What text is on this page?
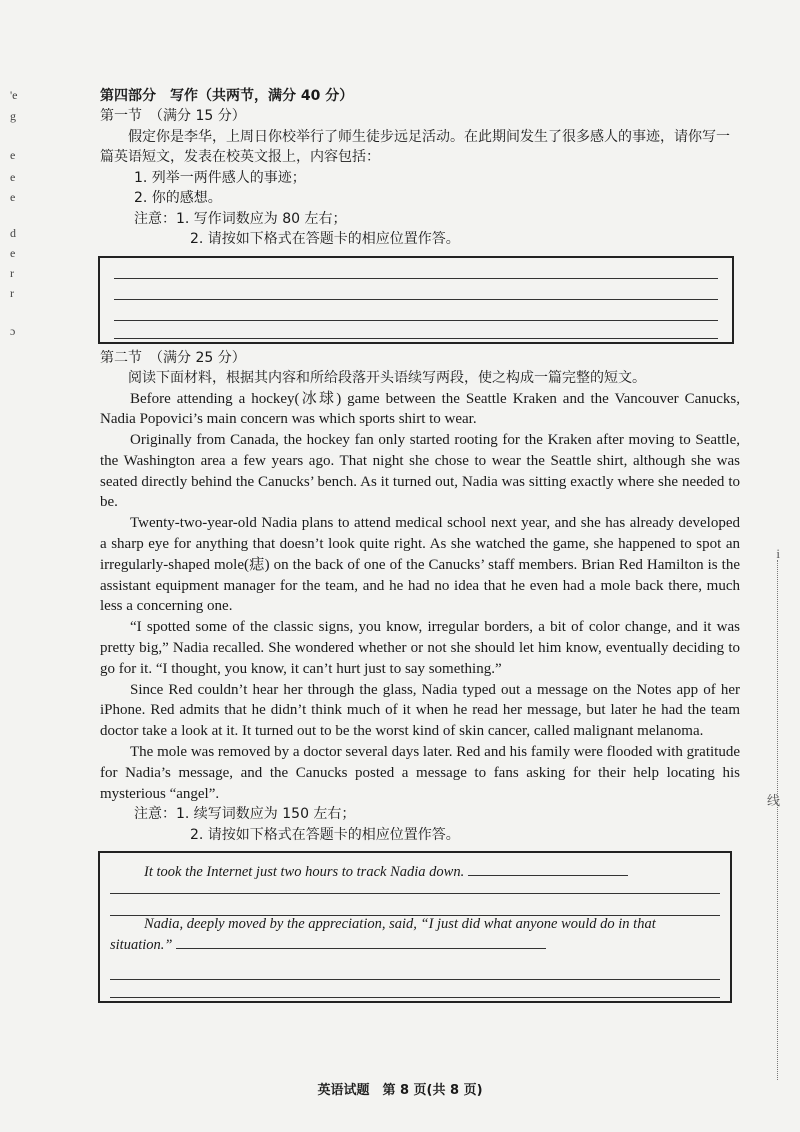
'e
g
e
e
e
d
e
r
r
ɔ
i
线

第四部分　写作（共两节，满分 40 分）

第一节　（满分 15 分）

假定你是李华，上周日你校举行了师生徒步远足活动。在此期间发生了很多感人的事迹，请你写一篇英语短文，发表在校英文报上，内容包括：

1. 列举一两件感人的事迹；

2. 你的感想。

注意：1. 写作词数应为 80 左右；

2. 请按如下格式在答题卡的相应位置作答。

第二节　（满分 25 分）

阅读下面材料，根据其内容和所给段落开头语续写两段，使之构成一篇完整的短文。

Before attending a hockey(冰球) game between the Seattle Kraken and the Vancouver Canucks, Nadia Popovici’s main concern was which sports shirt to wear.

Originally from Canada, the hockey fan only started rooting for the Kraken after moving to Seattle, the Washington area a few years ago. That night she chose to wear the Seattle shirt, although she was seated directly behind the Canucks’ bench. As it turned out, Nadia was sitting exactly where she needed to be.

Twenty-two-year-old Nadia plans to attend medical school next year, and she has already developed a sharp eye for anything that doesn’t look quite right. As she watched the game, she happened to spot an irregularly-shaped mole(痣) on the back of one of the Canucks’ staff members. Brian Red Hamilton is the assistant equipment manager for the team, and he had no idea that he even had a mole back there, much less a concerning one.

“I spotted some of the classic signs, you know, irregular borders, a bit of color change, and it was pretty big,” Nadia recalled. She wondered whether or not she should let him know, eventually deciding to go for it. “I thought, you know, it can’t hurt just to say something.”

Since Red couldn’t hear her through the glass, Nadia typed out a message on the Notes app of her iPhone. Red admits that he didn’t think much of it when he read her message, but later he had the team doctor take a look at it. It turned out to be the worst kind of skin cancer, called malignant melanoma.

The mole was removed by a doctor several days later. Red and his family were flooded with gratitude for Nadia’s message, and the Canucks posted a message to fans asking for their help locating his mysterious “angel”.

注意：1. 续写词数应为 150 左右；

2. 请按如下格式在答题卡的相应位置作答。

It took the Internet just two hours to track Nadia down.

Nadia, deeply moved by the appreciation, said, “I just did what anyone would do in that situation.”

英语试题　第 8 页(共 8 页)
